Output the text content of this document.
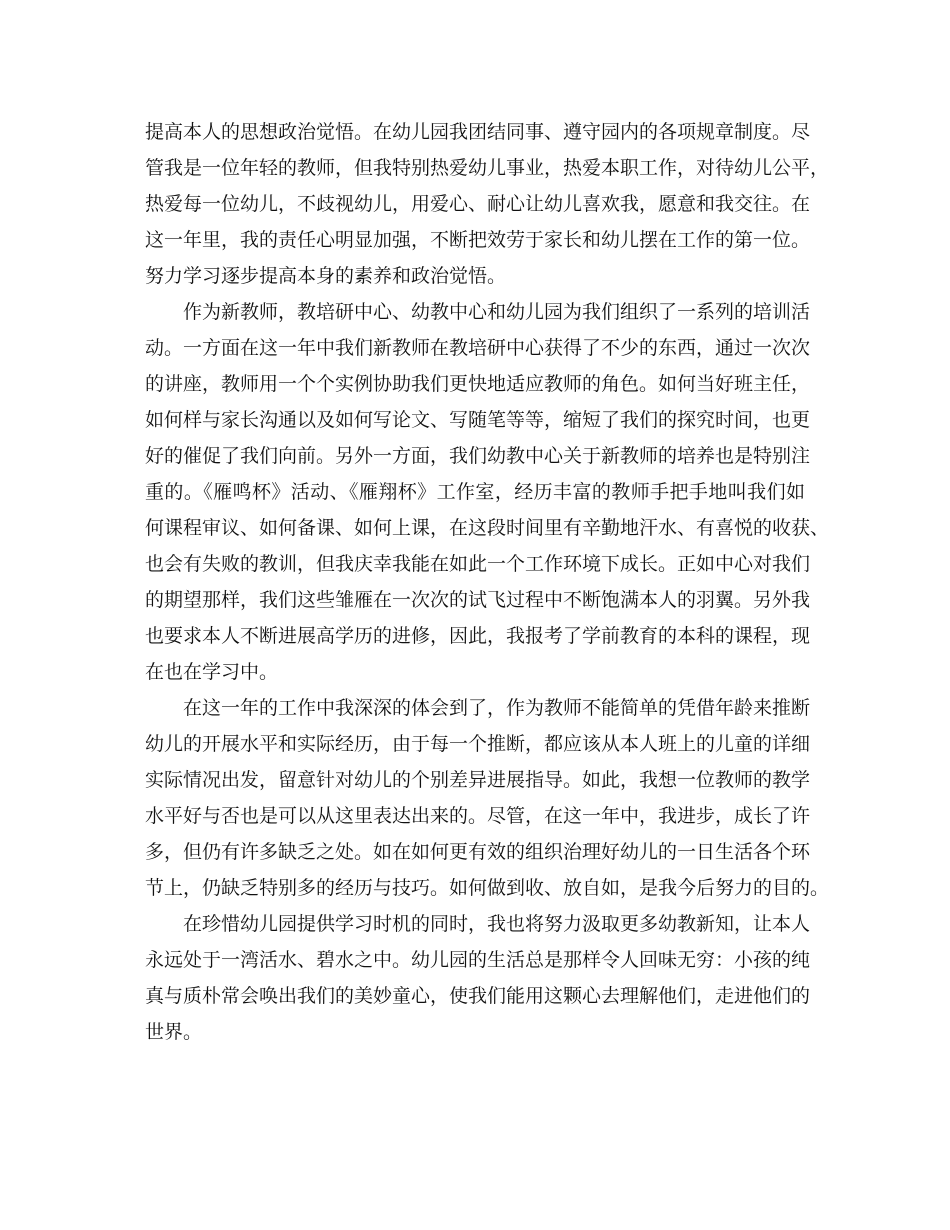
提高本人的思想政治觉悟。在幼儿园我团结同事、遵守园内的各项规章制度。尽
管我是一位年轻的教师，但我特别热爱幼儿事业，热爱本职工作，对待幼儿公平，
热爱每一位幼儿，不歧视幼儿，用爱心、耐心让幼儿喜欢我，愿意和我交往。在
这一年里，我的责任心明显加强，不断把效劳于家长和幼儿摆在工作的第一位。
努力学习逐步提高本身的素养和政治觉悟。
作为新教师，教培研中心、幼教中心和幼儿园为我们组织了一系列的培训活
动。一方面在这一年中我们新教师在教培研中心获得了不少的东西，通过一次次
的讲座，教师用一个个实例协助我们更快地适应教师的角色。如何当好班主任，
如何样与家长沟通以及如何写论文、写随笔等等，缩短了我们的探究时间，也更
好的催促了我们向前。另外一方面，我们幼教中心关于新教师的培养也是特别注
重的。《雁鸣杯》活动、《雁翔杯》工作室，经历丰富的教师手把手地叫我们如
何课程审议、如何备课、如何上课，在这段时间里有辛勤地汗水、有喜悦的收获、
也会有失败的教训，但我庆幸我能在如此一个工作环境下成长。正如中心对我们
的期望那样，我们这些雏雁在一次次的试飞过程中不断饱满本人的羽翼。另外我
也要求本人不断进展高学历的进修，因此，我报考了学前教育的本科的课程，现
在也在学习中。
在这一年的工作中我深深的体会到了，作为教师不能简单的凭借年龄来推断
幼儿的开展水平和实际经历，由于每一个推断，都应该从本人班上的儿童的详细
实际情况出发，留意针对幼儿的个别差异进展指导。如此，我想一位教师的教学
水平好与否也是可以从这里表达出来的。尽管，在这一年中，我进步，成长了许
多，但仍有许多缺乏之处。如在如何更有效的组织治理好幼儿的一日生活各个环
节上，仍缺乏特别多的经历与技巧。如何做到收、放自如，是我今后努力的目的。
在珍惜幼儿园提供学习时机的同时，我也将努力汲取更多幼教新知，让本人
永远处于一湾活水、碧水之中。幼儿园的生活总是那样令人回味无穷：小孩的纯
真与质朴常会唤出我们的美妙童心，使我们能用这颗心去理解他们，走进他们的
世界。
